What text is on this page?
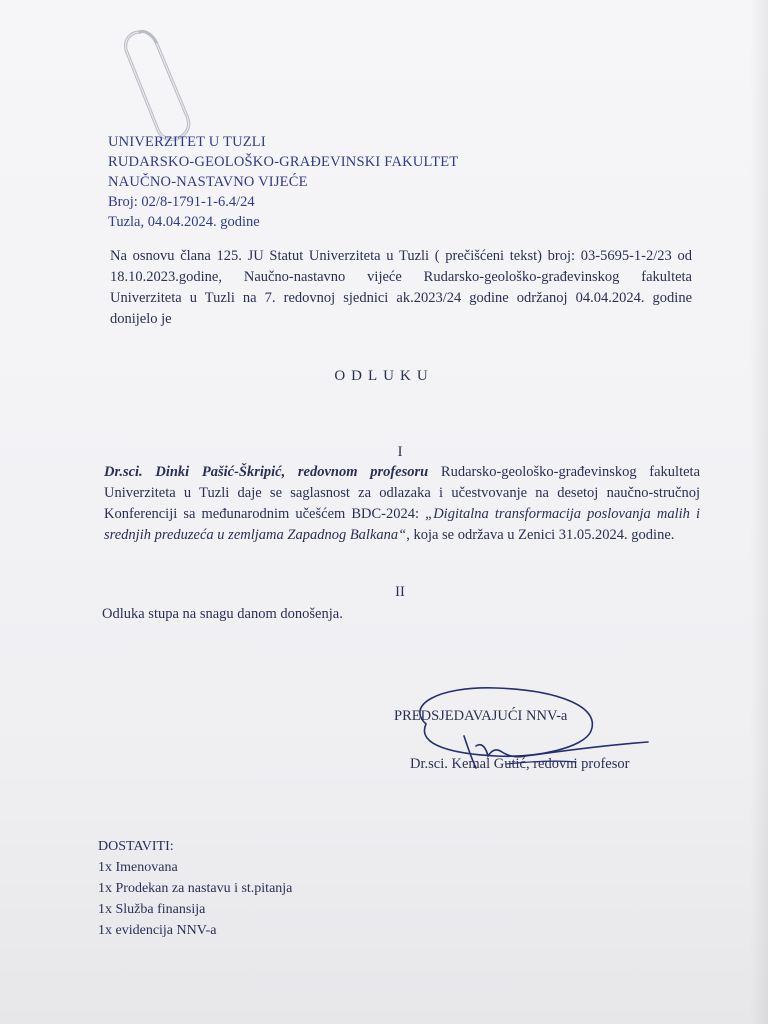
UNIVERZITET U TUZLI
RUDARSKO-GEOLOŠKO-GRAĐEVINSKI FAKULTET
NAUČNO-NASTAVNO VIJEĆE
Broj: 02/8-1791-1-6.4/24
Tuzla, 04.04.2024. godine
Na osnovu člana 125. JU Statut Univerziteta u Tuzli ( prečišćeni tekst) broj: 03-5695-1-2/23 od 18.10.2023.godine, Naučno-nastavno vijeće Rudarsko-geološko-građevinskog fakulteta Univerziteta u Tuzli na 7. redovnoj sjednici ak.2023/24 godine održanoj 04.04.2024. godine donijelo je
ODLUKU
I
Dr.sci. Dinki Pašić-Škripić, redovnom profesoru Rudarsko-geološko-građevinskog fakulteta Univerziteta u Tuzli daje se saglasnost za odlazaka i učestvovanje na desetoj naučno-stručnoj Konferenciji sa međunarodnim učešćem BDC-2024: „Digitalna transformacija poslovanja malih i srednjih preduzeća u zemljama Zapadnog Balkana“, koja se održava u Zenici 31.05.2024. godine.
II
Odluka stupa na snagu danom donošenja.
PREDSJEDAVAJUĆI NNV-a
Dr.sci. Kemal Gutić, redovni profesor
DOSTAVITI:
1x Imenovana
1x Prodekan za nastavu i st.pitanja
1x Služba finansija
1x evidencija NNV-a
